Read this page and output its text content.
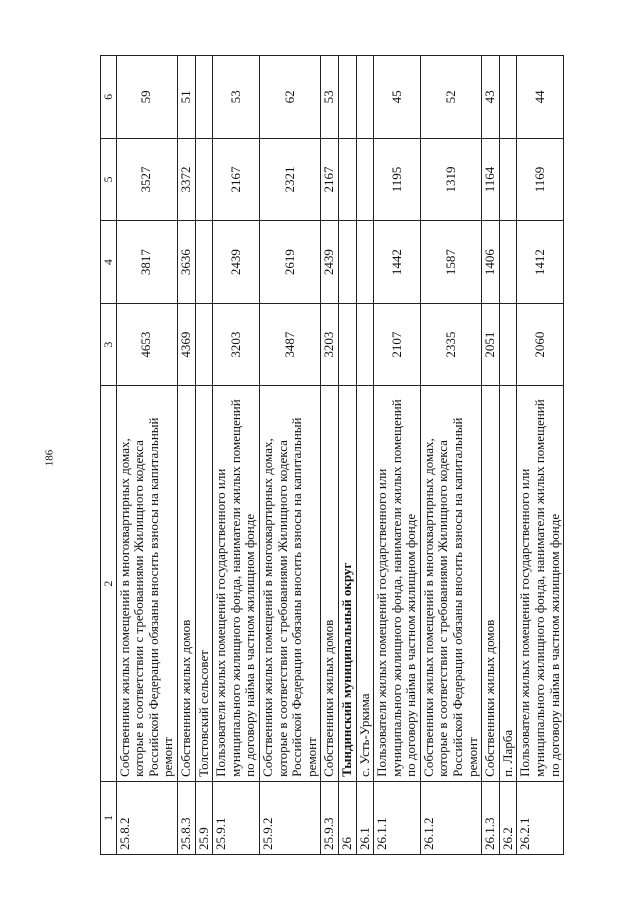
186
1	2	3	4	5	6
25.8.2	Собственники жилых помещений в многоквартирных домах, которые в соответствии с требованиями Жилищного кодекса Российской Федерации обязаны вносить взносы на капитальный ремонт	4653	3817	3527	59
25.8.3	Собственники жилых домов	4369	3636	3372	51
25.9	Толстовский сельсовет				
25.9.1	Пользователи жилых помещений государственного или муниципального жилищного фонда, наниматели жилых помещений по договору найма в частном жилищном фонде	3203	2439	2167	53
25.9.2	Собственники жилых помещений в многоквартирных домах, которые в соответствии с требованиями Жилищного кодекса Российской Федерации обязаны вносить взносы на капитальный ремонт	3487	2619	2321	62
25.9.3	Собственники жилых домов	3203	2439	2167	53
26	Тындинский муниципальный округ				
26.1	с. Усть-Уркима				
26.1.1	Пользователи жилых помещений государственного или муниципального жилищного фонда, наниматели жилых помещений по договору найма в частном жилищном фонде	2107	1442	1195	45
26.1.2	Собственники жилых помещений в многоквартирных домах, которые в соответствии с требованиями Жилищного кодекса Российской Федерации обязаны вносить взносы на капитальный ремонт	2335	1587	1319	52
26.1.3	Собственники жилых домов	2051	1406	1164	43
26.2	п. Ларба				
26.2.1	Пользователи жилых помещений государственного или муниципального жилищного фонда, наниматели жилых помещений по договору найма в частном жилищном фонде	2060	1412	1169	44
